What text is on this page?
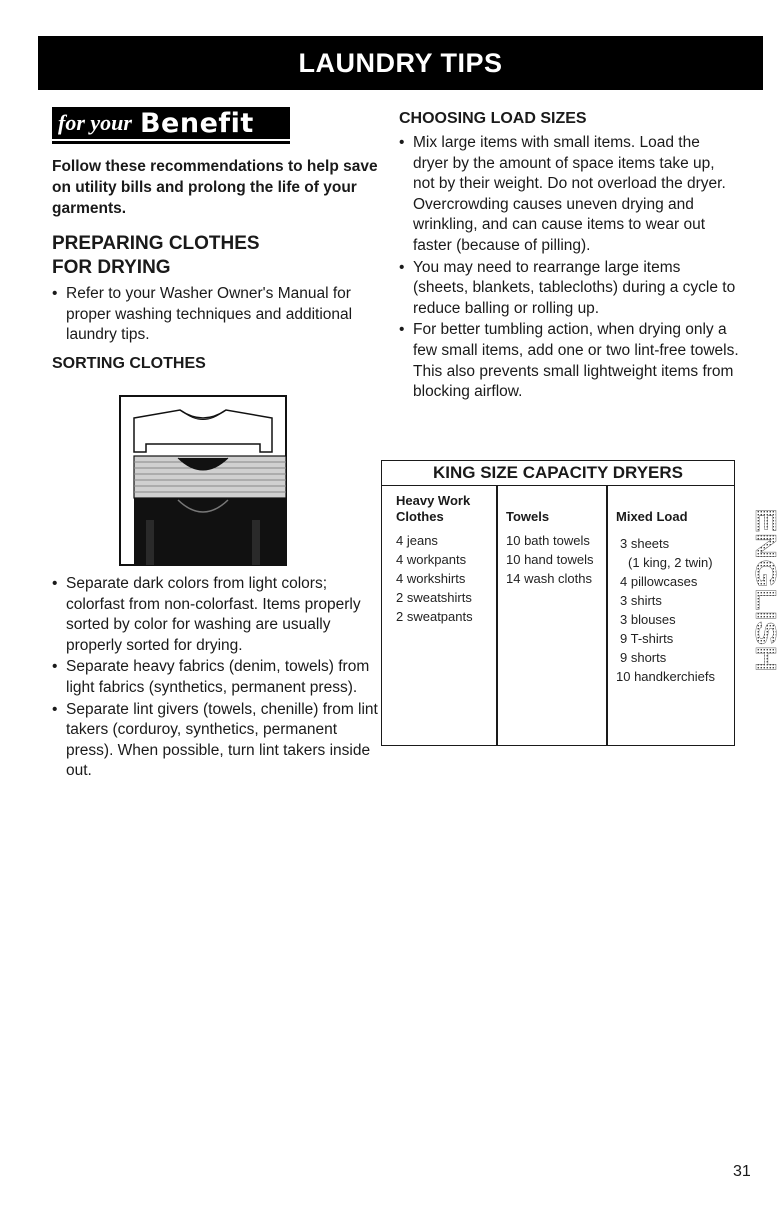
LAUNDRY TIPS
for your Benefit
Follow these recommendations to help save on utility bills and prolong the life of your garments.
PREPARING CLOTHES
FOR DRYING
• Refer to your Washer Owner's Manual for proper washing techniques and additional laundry tips.
SORTING CLOTHES
• Separate dark colors from light colors; colorfast from non-colorfast. Items properly sorted by color for washing are usually properly sorted for drying.
• Separate heavy fabrics (denim, towels) from light fabrics (synthetics, permanent press).
• Separate lint givers (towels, chenille) from lint takers (corduroy, synthetics, permanent press). When possible, turn lint takers inside out.
CHOOSING LOAD SIZES
• Mix large items with small items. Load the dryer by the amount of space items take up, not by their weight. Do not overload the dryer. Overcrowding causes uneven drying and wrinkling, and can cause items to wear out faster (because of pilling).
• You may need to rearrange large items (sheets, blankets, tablecloths) during a cycle to reduce balling or rolling up.
• For better tumbling action, when drying only a few small items, add one or two lint-free towels. This also prevents small lightweight items from blocking airflow.
KING SIZE CAPACITY DRYERS
Heavy Work
Clothes
4 jeans
4 workpants
4 workshirts
2 sweatshirts
2 sweatpants
Towels
10 bath towels
10 hand towels
14 wash cloths
Mixed Load
3 sheets
(1 king, 2 twin)
4 pillowcases
3 shirts
3 blouses
9 T-shirts
9 shorts
10 handkerchiefs
ENGLISH
31
